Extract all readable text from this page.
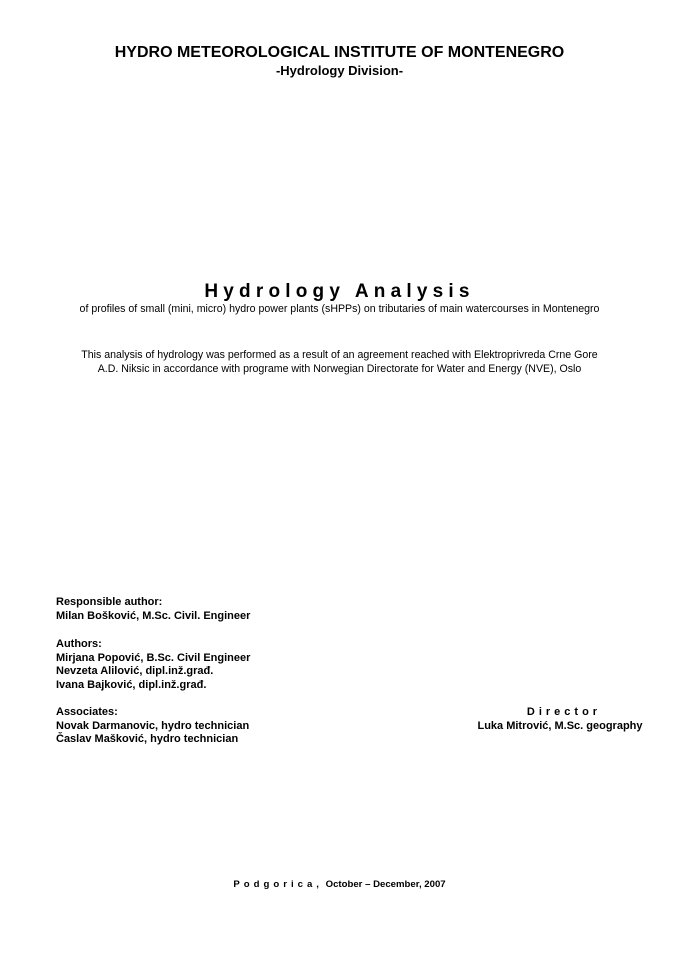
HYDRO METEOROLOGICAL INSTITUTE OF MONTENEGRO
-Hydrology Division-
Hydrology Analysis
of profiles of small (mini, micro) hydro power plants (sHPPs) on tributaries of main watercourses in Montenegro
This analysis of hydrology was performed as a result of an agreement reached with Elektroprivreda Crne Gore
A.D. Niksic in accordance with programe with Norwegian Directorate for Water and Energy (NVE), Oslo
Responsible author:
Milan Bošković, M.Sc. Civil. Engineer
Authors:
Mirjana Popović, B.Sc. Civil Engineer
Nevzeta Alilović, dipl.inž.građ.
Ivana Bajković, dipl.inž.građ.
Associates:
Novak Darmanovic, hydro technician
Časlav Mašković, hydro technician
Director
Luka Mitrović, M.Sc. geography
Podgorica, October – December, 2007
